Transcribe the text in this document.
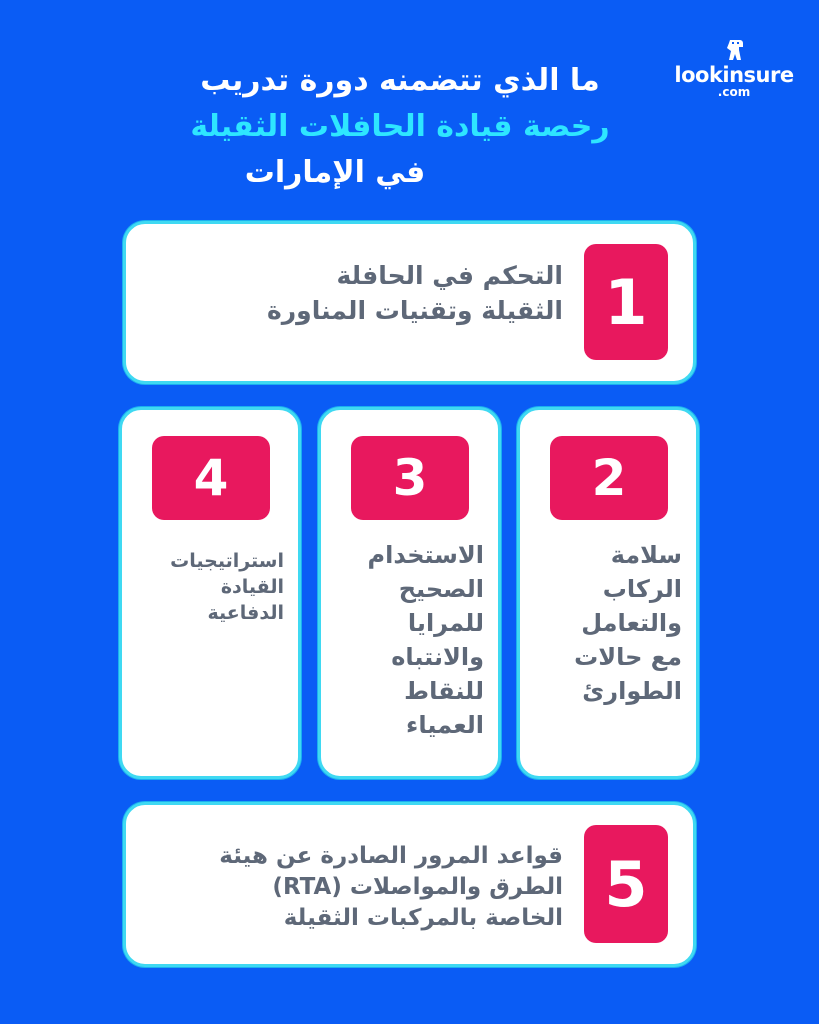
lookinsure
.com
ما الذي تتضمنه دورة تدريب
رخصة قيادة الحافلات الثقيلة
في الإمارات
1
التحكم في الحافلة
الثقيلة وتقنيات المناورة
4
استراتيجيات
القيادة
الدفاعية
3
الاستخدام
الصحيح
للمرايا
والانتباه
للنقاط
العمياء
2
سلامة
الركاب
والتعامل
مع حالات
الطوارئ
5
قواعد المرور الصادرة عن هيئة
الطرق والمواصلات (RTA)
الخاصة بالمركبات الثقيلة
